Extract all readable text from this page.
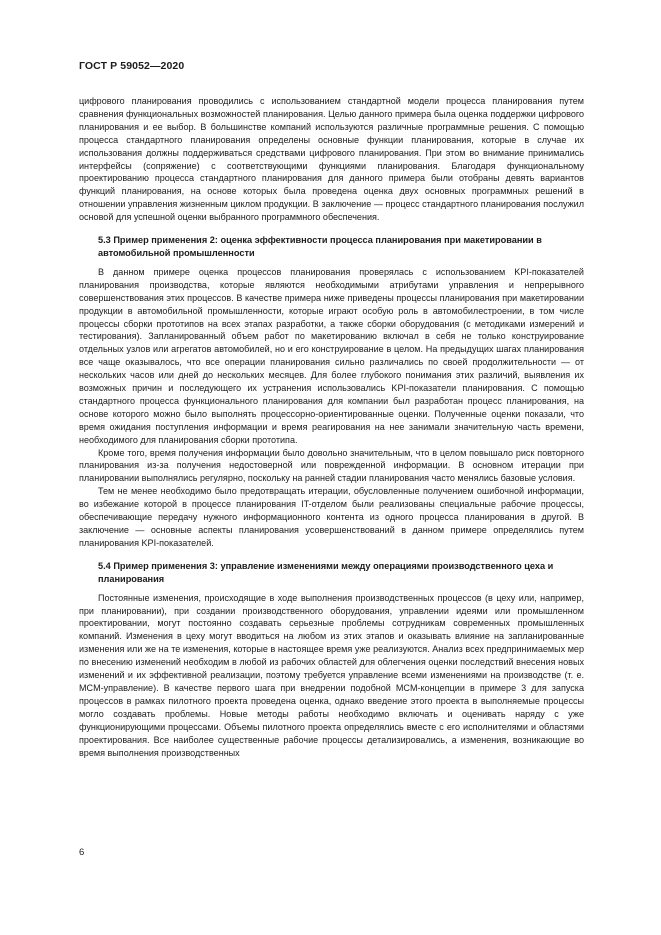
ГОСТ Р 59052—2020

цифрового планирования проводились с использованием стандартной модели процесса планирования путем сравнения функциональных возможностей планирования. Целью данного примера была оценка поддержки цифрового планирования и ее выбор. В большинстве компаний используются различные программные решения. С помощью процесса стандартного планирования определены основные функции планирования, которые в случае их использования должны поддерживаться средствами цифрового планирования. При этом во внимание принимались интерфейсы (сопряжение) с соответствующими функциями планирования. Благодаря функциональному проектированию процесса стандартного планирования для данного примера были отобраны девять вариантов функций планирования, на основе которых была проведена оценка двух основных программных решений в отношении управления жизненным циклом продукции. В заключение — процесс стандартного планирования послужил основой для успешной оценки выбранного программного обеспечения.

5.3 Пример применения 2: оценка эффективности процесса планирования при макетировании в автомобильной промышленности

В данном примере оценка процессов планирования проверялась с использованием KPI-показателей планирования производства, которые являются необходимыми атрибутами управления и непрерывного совершенствования этих процессов. В качестве примера ниже приведены процессы планирования при макетировании продукции в автомобильной промышленности, которые играют особую роль в автомобилестроении, в том числе процессы сборки прототипов на всех этапах разработки, а также сборки оборудования (с методиками измерений и тестирования). Запланированный объем работ по макетированию включал в себя не только конструирование отдельных узлов или агрегатов автомобилей, но и его конструирование в целом. На предыдущих шагах планирования все чаще оказывалось, что все операции планирования сильно различались по своей продолжительности — от нескольких часов или дней до нескольких месяцев. Для более глубокого понимания этих различий, выявления их возможных причин и последующего их устранения использовались KPI-показатели планирования. С помощью стандартного процесса функционального планирования для компании был разработан процесс планирования, на основе которого можно было выполнять процессорно-ориентированные оценки. Полученные оценки показали, что время ожидания поступления информации и время реагирования на нее занимали значительную часть времени, необходимого для планирования сборки прототипа.

Кроме того, время получения информации было довольно значительным, что в целом повышало риск повторного планирования из-за получения недостоверной или поврежденной информации. В основном итерации при планировании выполнялись регулярно, поскольку на ранней стадии планирования часто менялись базовые условия.

Тем не менее необходимо было предотвращать итерации, обусловленные получением ошибочной информации, во избежание которой в процессе планирования IT-отделом были реализованы специальные рабочие процессы, обеспечивающие передачу нужного информационного контента из одного процесса планирования в другой. В заключение — основные аспекты планирования усовершенствований в данном примере определялись путем планирования KPI-показателей.

5.4 Пример применения 3: управление изменениями между операциями производственного цеха и планирования

Постоянные изменения, происходящие в ходе выполнения производственных процессов (в цеху или, например, при планировании), при создании производственного оборудования, управлении идеями или промышленном проектировании, могут постоянно создавать серьезные проблемы сотрудникам современных промышленных компаний. Изменения в цеху могут вводиться на любом из этих этапов и оказывать влияние на запланированные изменения или же на те изменения, которые в настоящее время уже реализуются. Анализ всех предпринимаемых мер по внесению изменений необходим в любой из рабочих областей для облегчения оценки последствий внесения новых изменений и их эффективной реализации, поэтому требуется управление всеми изменениями на производстве (т. е. MCM-управление). В качестве первого шага при внедрении подобной MCM-концепции в примере 3 для запуска процессов в рамках пилотного проекта проведена оценка, однако введение этого проекта в выполняемые процессы могло создавать проблемы. Новые методы работы необходимо включать и оценивать наряду с уже функционирующими процессами. Объемы пилотного проекта определялись вместе с его исполнителями и областями проектирования. Все наиболее существенные рабочие процессы детализировались, а изменения, возникающие во время выполнения производственных

6
